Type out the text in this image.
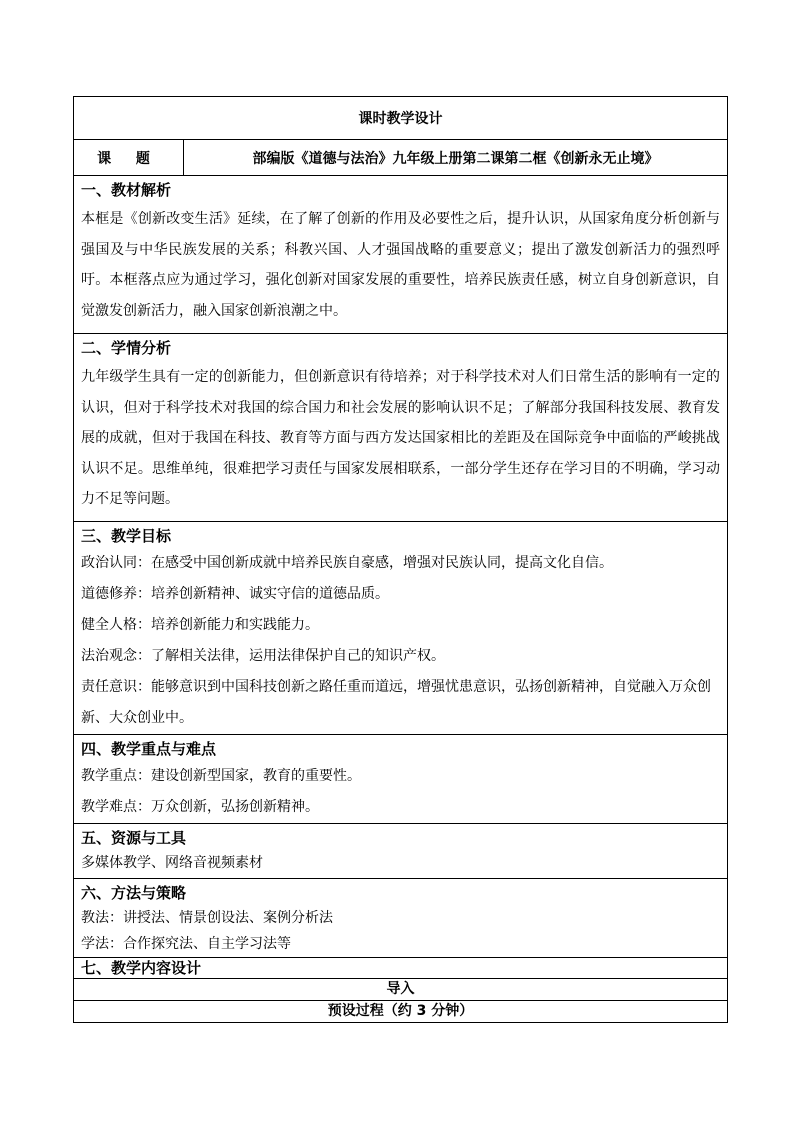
课时教学设计
课 题	部编版《道德与法治》九年级上册第二课第二框《创新永无止境》

一、教材解析
本框是《创新改变生活》延续，在了解了创新的作用及必要性之后，提升认识，从国家角度分析创新与强国及与中华民族发展的关系；科教兴国、人才强国战略的重要意义；提出了激发创新活力的强烈呼吁。本框落点应为通过学习，强化创新对国家发展的重要性，培养民族责任感，树立自身创新意识，自觉激发创新活力，融入国家创新浪潮之中。

二、学情分析
九年级学生具有一定的创新能力，但创新意识有待培养；对于科学技术对人们日常生活的影响有一定的认识，但对于科学技术对我国的综合国力和社会发展的影响认识不足；了解部分我国科技发展、教育发展的成就，但对于我国在科技、教育等方面与西方发达国家相比的差距及在国际竞争中面临的严峻挑战认识不足。思维单纯，很难把学习责任与国家发展相联系，一部分学生还存在学习目的不明确，学习动力不足等问题。

三、教学目标

政治认同：在感受中国创新成就中培养民族自豪感，增强对民族认同，提高文化自信。

道德修养：培养创新精神、诚实守信的道德品质。

健全人格：培养创新能力和实践能力。

法治观念：了解相关法律，运用法律保护自己的知识产权。

责任意识：能够意识到中国科技创新之路任重而道远，增强忧患意识，弘扬创新精神，自觉融入万众创新、大众创业中。

四、教学重点与难点

教学重点：建设创新型国家，教育的重要性。

教学难点：万众创新，弘扬创新精神。

五、资源与工具

多媒体教学、网络音视频素材

六、方法与策略

教法：讲授法、情景创设法、案例分析法

学法：合作探究法、自主学习法等

七、教学内容设计

导入
预设过程（约 3 分钟）
